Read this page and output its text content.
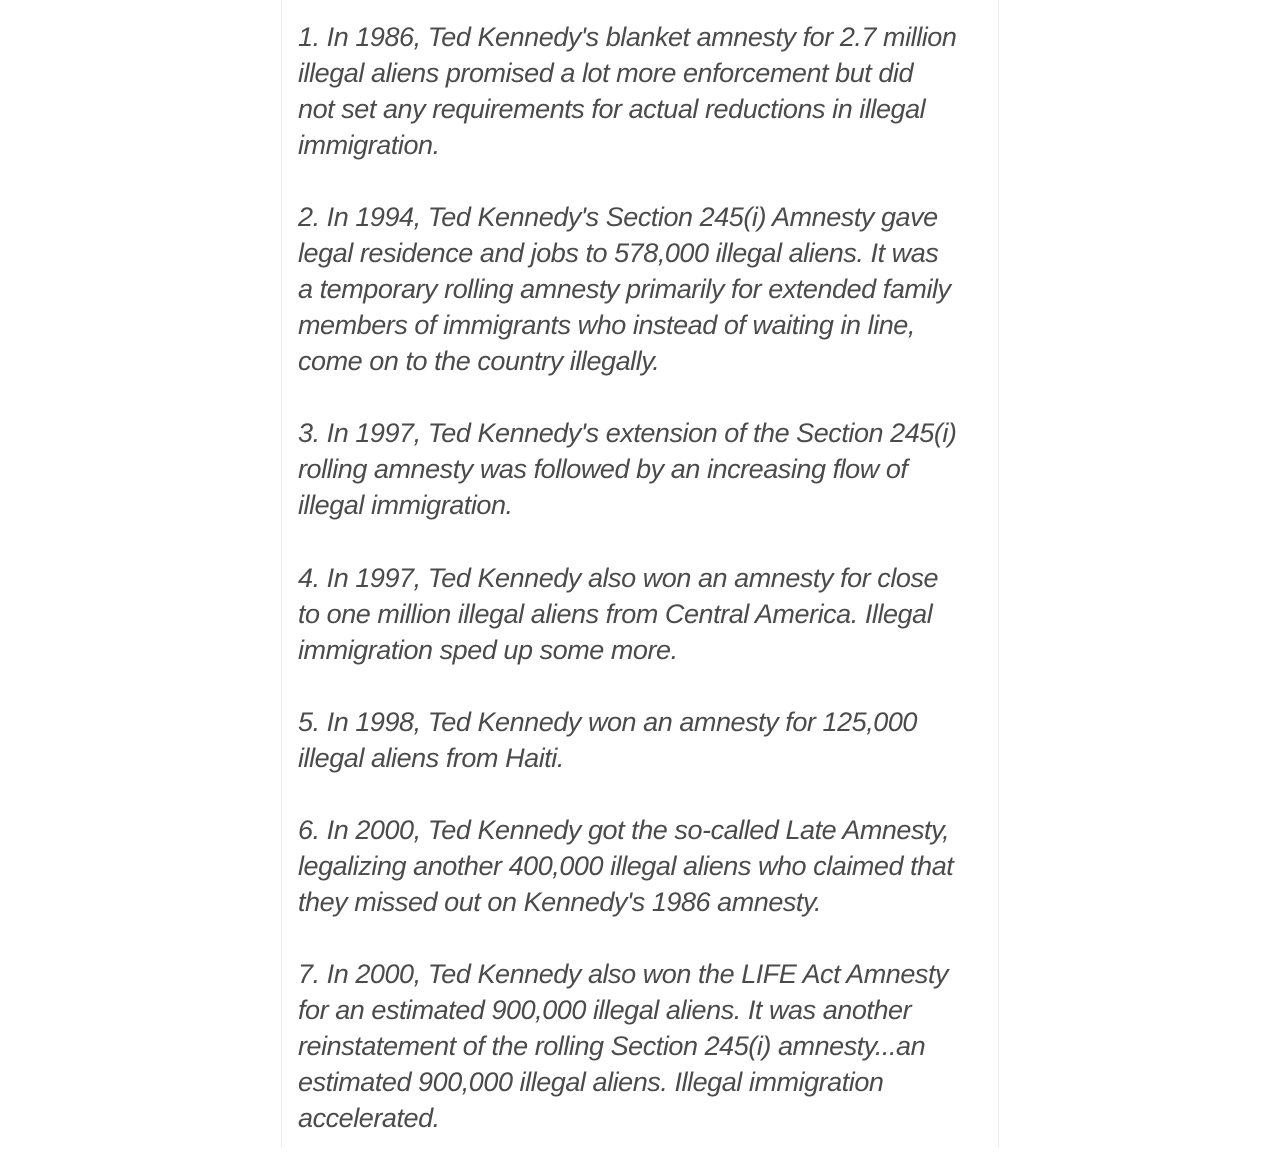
1. In 1986, Ted Kennedy's blanket amnesty for 2.7 million
illegal aliens promised a lot more enforcement but did
not set any requirements for actual reductions in illegal
immigration.

2. In 1994, Ted Kennedy's Section 245(i) Amnesty gave
legal residence and jobs to 578,000 illegal aliens. It was
a temporary rolling amnesty primarily for extended family
members of immigrants who instead of waiting in line,
come on to the country illegally.

3. In 1997, Ted Kennedy's extension of the Section 245(i)
rolling amnesty was followed by an increasing flow of
illegal immigration.

4. In 1997, Ted Kennedy also won an amnesty for close
to one million illegal aliens from Central America. Illegal
immigration sped up some more.

5. In 1998, Ted Kennedy won an amnesty for 125,000
illegal aliens from Haiti.

6. In 2000, Ted Kennedy got the so-called Late Amnesty,
legalizing another 400,000 illegal aliens who claimed that
they missed out on Kennedy's 1986 amnesty.

7. In 2000, Ted Kennedy also won the LIFE Act Amnesty
for an estimated 900,000 illegal aliens. It was another
reinstatement of the rolling Section 245(i) amnesty...an
estimated 900,000 illegal aliens. Illegal immigration
accelerated.
